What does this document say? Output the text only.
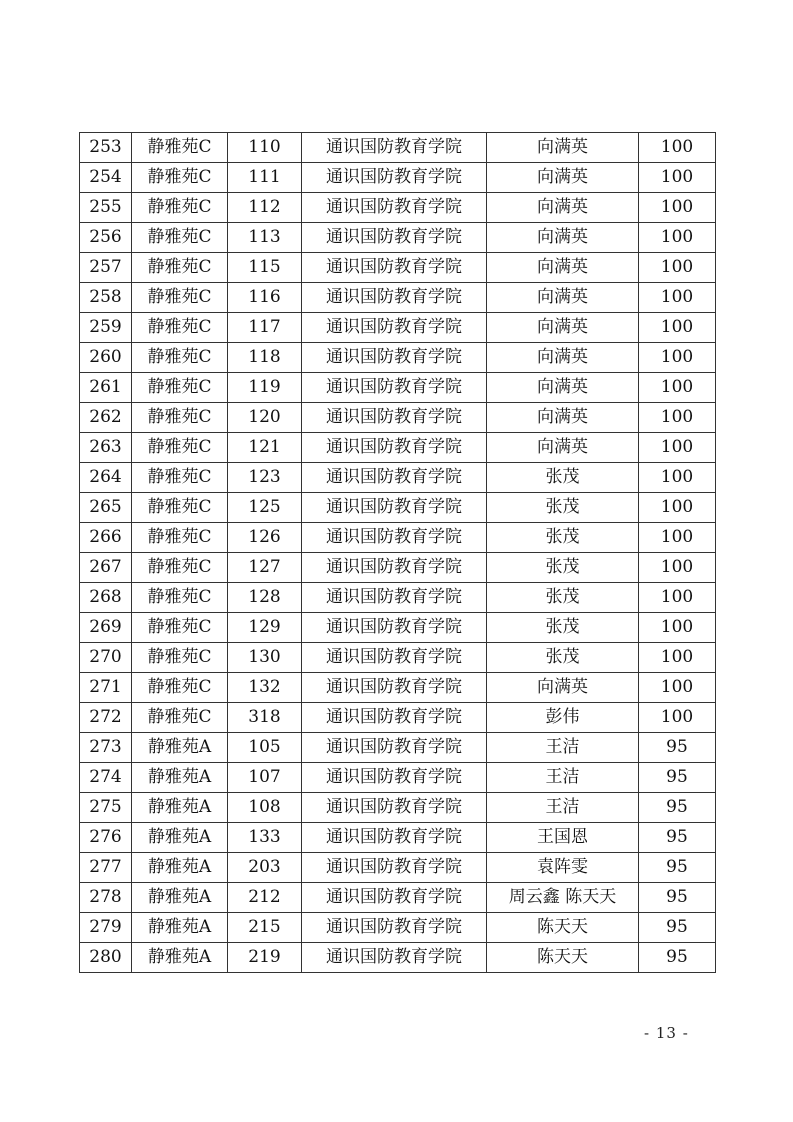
253	静雅苑C	110	通识国防教育学院	向满英	100
254	静雅苑C	111	通识国防教育学院	向满英	100
255	静雅苑C	112	通识国防教育学院	向满英	100
256	静雅苑C	113	通识国防教育学院	向满英	100
257	静雅苑C	115	通识国防教育学院	向满英	100
258	静雅苑C	116	通识国防教育学院	向满英	100
259	静雅苑C	117	通识国防教育学院	向满英	100
260	静雅苑C	118	通识国防教育学院	向满英	100
261	静雅苑C	119	通识国防教育学院	向满英	100
262	静雅苑C	120	通识国防教育学院	向满英	100
263	静雅苑C	121	通识国防教育学院	向满英	100
264	静雅苑C	123	通识国防教育学院	张茂	100
265	静雅苑C	125	通识国防教育学院	张茂	100
266	静雅苑C	126	通识国防教育学院	张茂	100
267	静雅苑C	127	通识国防教育学院	张茂	100
268	静雅苑C	128	通识国防教育学院	张茂	100
269	静雅苑C	129	通识国防教育学院	张茂	100
270	静雅苑C	130	通识国防教育学院	张茂	100
271	静雅苑C	132	通识国防教育学院	向满英	100
272	静雅苑C	318	通识国防教育学院	彭伟	100
273	静雅苑A	105	通识国防教育学院	王洁	95
274	静雅苑A	107	通识国防教育学院	王洁	95
275	静雅苑A	108	通识国防教育学院	王洁	95
276	静雅苑A	133	通识国防教育学院	王国恩	95
277	静雅苑A	203	通识国防教育学院	袁阵雯	95
278	静雅苑A	212	通识国防教育学院	周云鑫 陈天天	95
279	静雅苑A	215	通识国防教育学院	陈天天	95
280	静雅苑A	219	通识国防教育学院	陈天天	95
- 13 -
